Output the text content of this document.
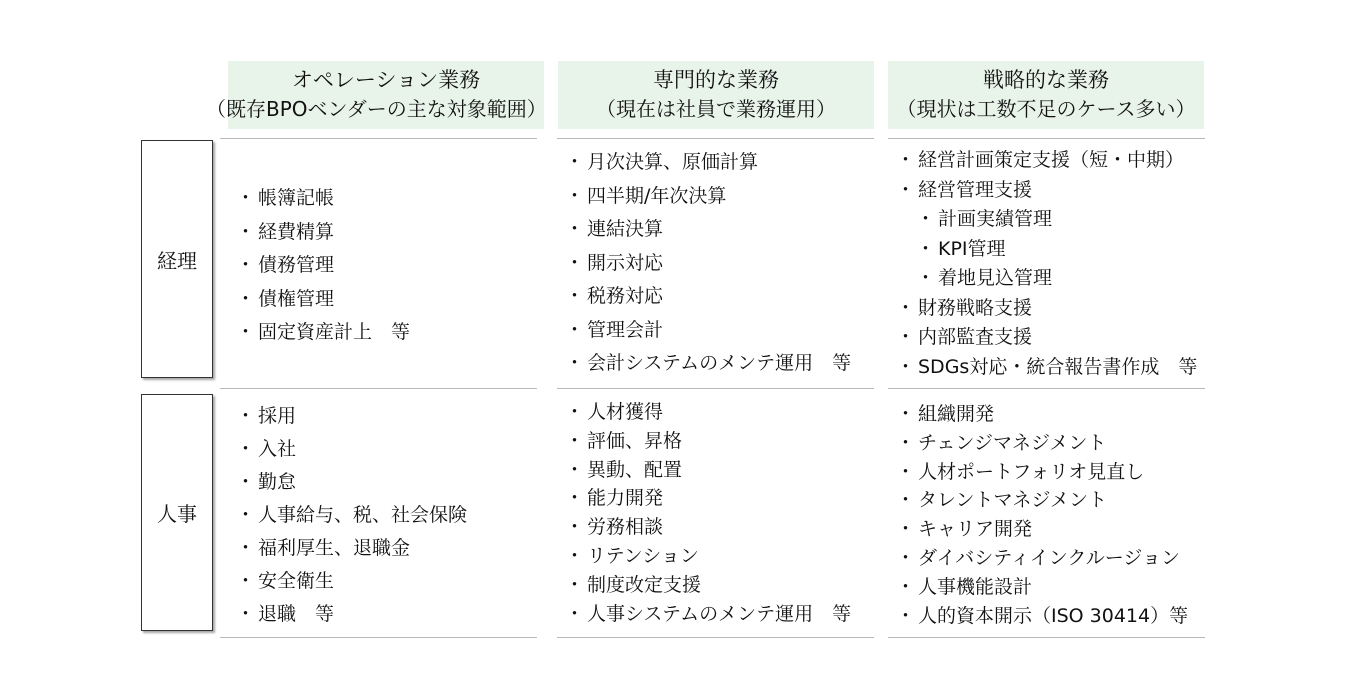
オペレーション業務
（既存BPOベンダーの主な対象範囲）
専門的な業務
（現在は社員で業務運用）
戦略的な業務
（現状は工数不足のケース多い）
経理
人事
・ 帳簿記帳
・ 経費精算
・ 債務管理
・ 債権管理
・ 固定資産計上　等
・ 月次決算、原価計算
・ 四半期/年次決算
・ 連結決算
・ 開示対応
・ 税務対応
・ 管理会計
・ 会計システムのメンテ運用　等
・ 経営計画策定支援（短・中期）
・ 経営管理支援
・ 計画実績管理
・ KPI管理
・ 着地見込管理
・ 財務戦略支援
・ 内部監査支援
・ SDGs対応・統合報告書作成　等
・ 採用
・ 入社
・ 勤怠
・ 人事給与、税、社会保険
・ 福利厚生、退職金
・ 安全衛生
・ 退職　等
・ 人材獲得
・ 評価、昇格
・ 異動、配置
・ 能力開発
・ 労務相談
・ リテンション
・ 制度改定支援
・ 人事システムのメンテ運用　等
・ 組織開発
・ チェンジマネジメント
・ 人材ポートフォリオ見直し
・ タレントマネジメント
・ キャリア開発
・ ダイバシティインクルージョン
・ 人事機能設計
・ 人的資本開示（ISO 30414）等
